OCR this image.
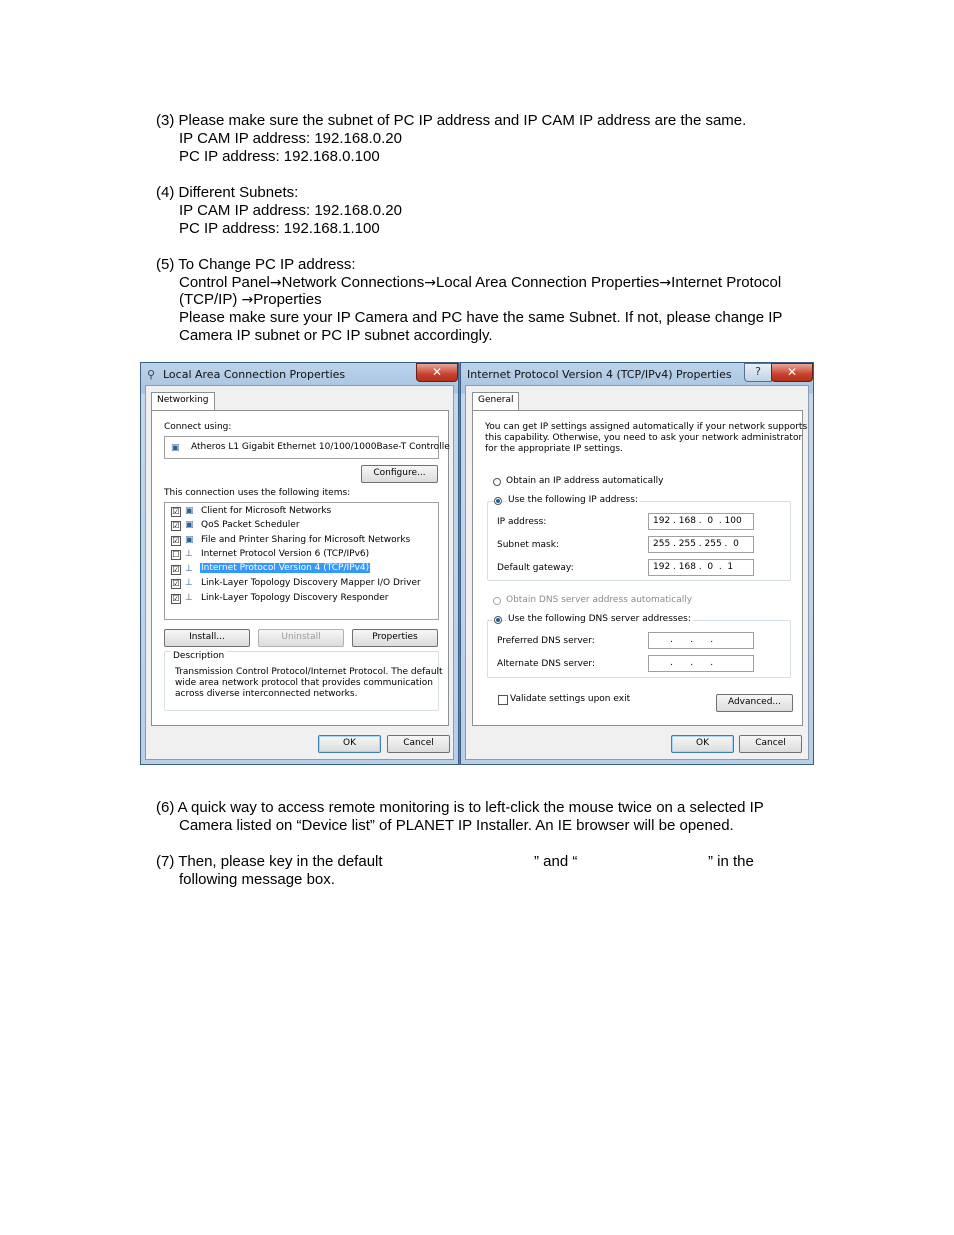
(3) Please make sure the subnet of PC IP address and IP CAM IP address are the same.
IP CAM IP address: 192.168.0.20
PC IP address: 192.168.0.100
(4) Different Subnets:
IP CAM IP address: 192.168.0.20
PC IP address: 192.168.1.100
(5) To Change PC IP address:
Control Panel→Network Connections→Local Area Connection Properties→Internet Protocol
(TCP/IP) →Properties
Please make sure your IP Camera and PC have the same Subnet. If not, please change IP
Camera IP subnet or PC IP subnet accordingly.
⚲ Local Area Connection Properties	✕
Networking
Connect using:
▣ Atheros L1 Gigabit Ethernet 10/100/1000Base-T Controlle
Configure...
This connection uses the following items:
☑ ▣ Client for Microsoft Networks
☑ ▣ QoS Packet Scheduler
☑ ▣ File and Printer Sharing for Microsoft Networks
☐ ⊥ Internet Protocol Version 6 (TCP/IPv6)
☑ ⊥ Internet Protocol Version 4 (TCP/IPv4)
☑ ⊥ Link-Layer Topology Discovery Mapper I/O Driver
☑ ⊥ Link-Layer Topology Discovery Responder
Install...	Uninstall	Properties
Description
Transmission Control Protocol/Internet Protocol. The default
wide area network protocol that provides communication
across diverse interconnected networks.
OK	Cancel
Internet Protocol Version 4 (TCP/IPv4) Properties	?	✕
General
You can get IP settings assigned automatically if your network supports
this capability. Otherwise, you need to ask your network administrator
for the appropriate IP settings.
Obtain an IP address automatically
Use the following IP address:
IP address:	192 . 168 .  0  . 100
Subnet mask:	255 . 255 . 255 .  0
Default gateway:	192 . 168 .  0  .  1
Obtain DNS server address automatically
Use the following DNS server addresses:
Preferred DNS server:	.      .      .
Alternate DNS server:	.      .      .
Validate settings upon exit	Advanced...
OK	Cancel
(6) A quick way to access remote monitoring is to left-click the mouse twice on a selected IP
Camera listed on “Device list” of PLANET IP Installer. An IE browser will be opened.
(7) Then, please key in the default	” and “	” in the
following message box.
